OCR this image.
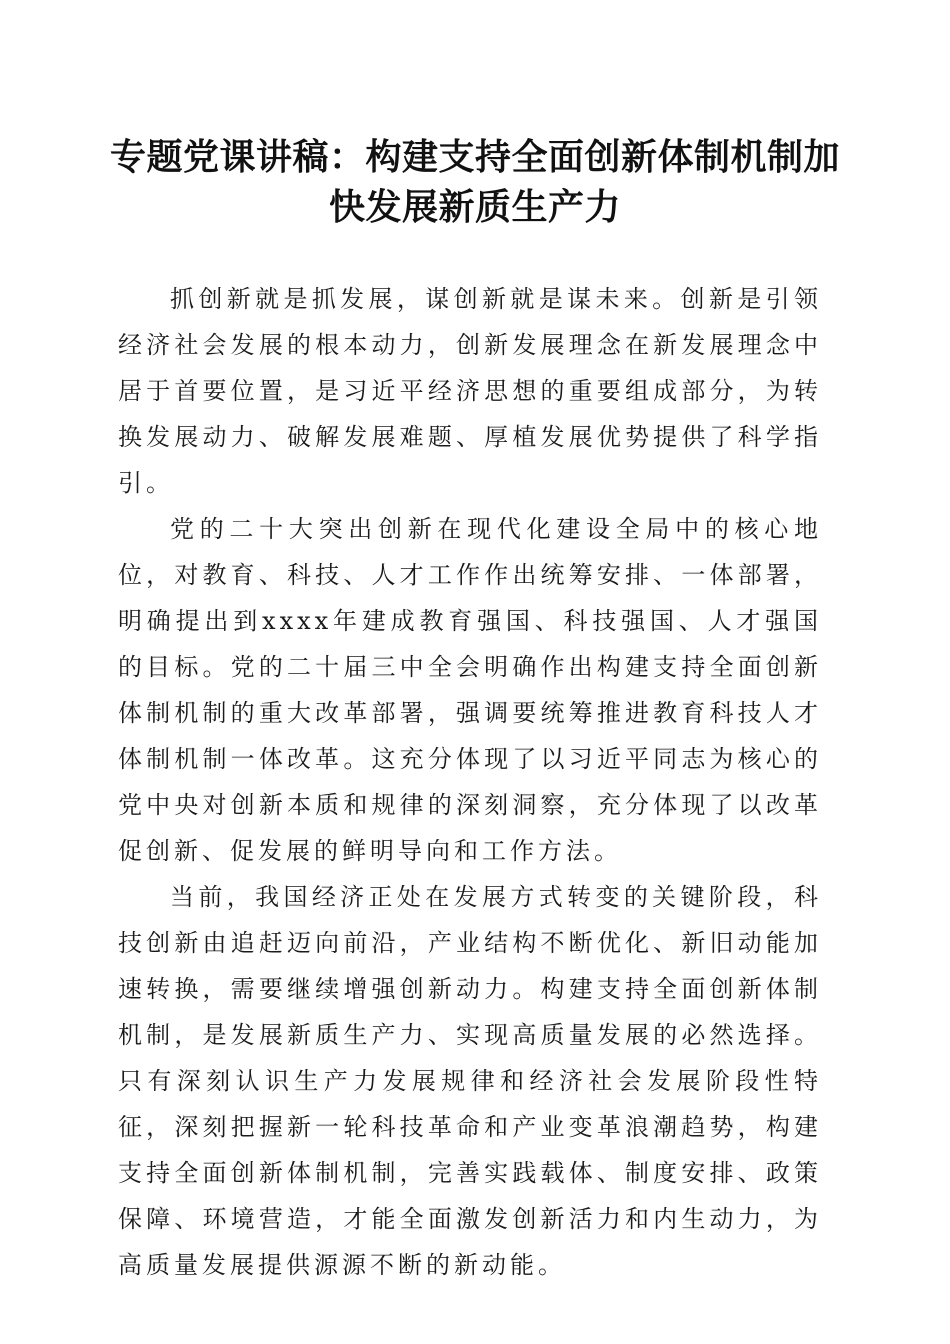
专题党课讲稿：构建支持全面创新体制机制加
快发展新质生产力

抓创新就是抓发展，谋创新就是谋未来。创新是引领经济社会发展的根本动力，创新发展理念在新发展理念中居于首要位置，是习近平经济思想的重要组成部分，为转换发展动力、破解发展难题、厚植发展优势提供了科学指引。

党的二十大突出创新在现代化建设全局中的核心地位，对教育、科技、人才工作作出统筹安排、一体部署，明确提出到xxxx年建成教育强国、科技强国、人才强国的目标。党的二十届三中全会明确作出构建支持全面创新体制机制的重大改革部署，强调要统筹推进教育科技人才体制机制一体改革。这充分体现了以习近平同志为核心的党中央对创新本质和规律的深刻洞察，充分体现了以改革促创新、促发展的鲜明导向和工作方法。

当前，我国经济正处在发展方式转变的关键阶段，科技创新由追赶迈向前沿，产业结构不断优化、新旧动能加速转换，需要继续增强创新动力。构建支持全面创新体制机制，是发展新质生产力、实现高质量发展的必然选择。只有深刻认识生产力发展规律和经济社会发展阶段性特征，深刻把握新一轮科技革命和产业变革浪潮趋势，构建支持全面创新体制机制，完善实践载体、制度安排、政策保障、环境营造，才能全面激发创新活力和内生动力，为高质量发展提供源源不断的新动能。
